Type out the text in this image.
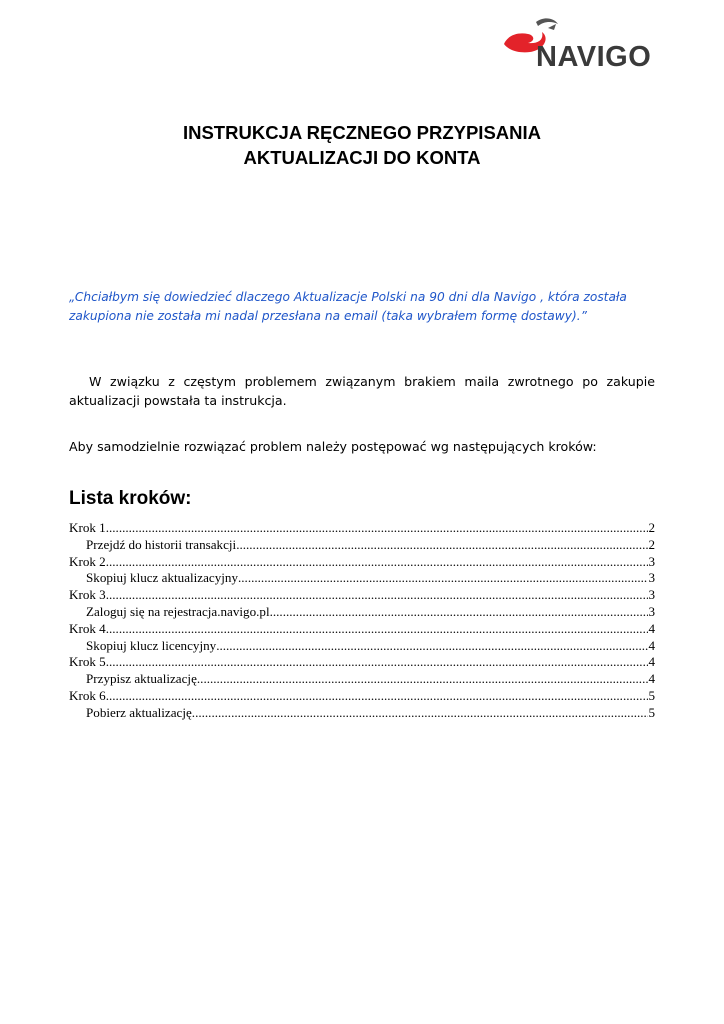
NAVIGO
INSTRUKCJA RĘCZNEGO PRZYPISANIA
AKTUALIZACJI DO KONTA
„Chciałbym się dowiedzieć dlaczego Aktualizacje Polski na 90 dni dla Navigo , która została zakupiona nie została mi nadal przesłana na email (taka wybrałem formę dostawy).”
W związku z częstym problemem związanym brakiem maila zwrotnego po zakupie aktualizacji powstała ta instrukcja.
Aby samodzielnie rozwiązać problem należy postępować wg następujących kroków:
Lista kroków:
Krok 1 .....	2
Przejdź do historii transakcji .....	2
Krok 2 .....	3
Skopiuj klucz aktualizacyjny .....	3
Krok 3 .....	3
Zaloguj się na rejestracja.navigo.pl .....	3
Krok 4 .....	4
Skopiuj klucz licencyjny .....	4
Krok 5 .....	4
Przypisz aktualizację .....	4
Krok 6 .....	5
Pobierz aktualizację .....	5
